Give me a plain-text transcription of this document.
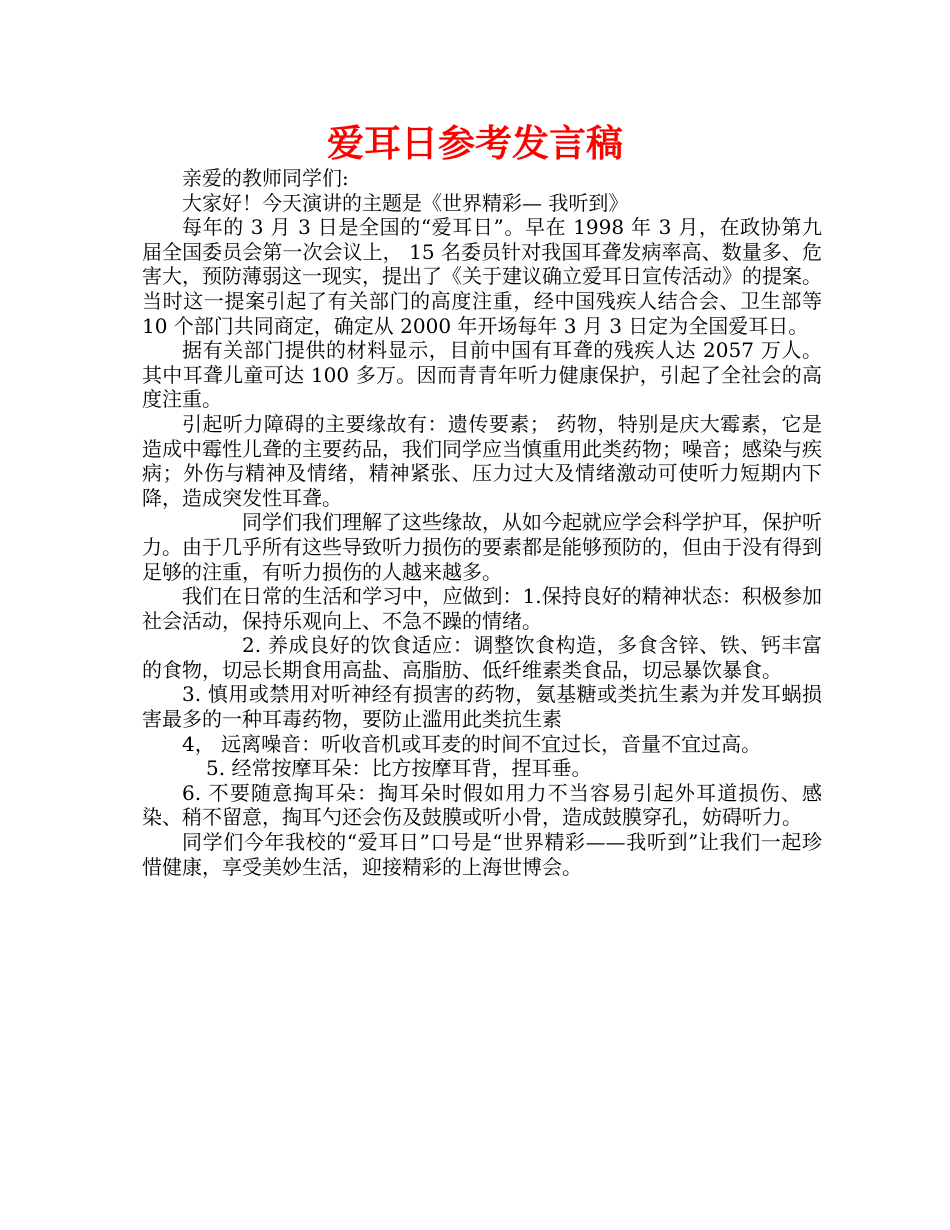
爱耳日参考发言稿

亲爱的教师同学们:

大家好！今天演讲的主题是《世界精彩— 我听到》

每年的 3 月 3 日是全国的“爱耳日”。早在 1998 年 3 月，在政协第九届全国委员会第一次会议上， 15 名委员针对我国耳聋发病率高、数量多、危害大，预防薄弱这一现实，提出了《关于建议确立爱耳日宣传活动》的提案。当时这一提案引起了有关部门的高度注重，经中国残疾人结合会、卫生部等 10 个部门共同商定，确定从 2000 年开场每年 3 月 3 日定为全国爱耳日。

据有关部门提供的材料显示，目前中国有耳聋的残疾人达 2057 万人。其中耳聋儿童可达 100 多万。因而青青年听力健康保护，引起了全社会的高度注重。

引起听力障碍的主要缘故有：遗传要素； 药物，特别是庆大霉素，它是造成中霉性儿聋的主要药品，我们同学应当慎重用此类药物；噪音；感染与疾病；外伤与精神及情绪，精神紧张、压力过大及情绪激动可使听力短期内下降，造成突发性耳聋。

同学们我们理解了这些缘故，从如今起就应学会科学护耳，保护听力。由于几乎所有这些导致听力损伤的要素都是能够预防的，但由于没有得到足够的注重，有听力损伤的人越来越多。

我们在日常的生活和学习中，应做到：1.保持良好的精神状态：积极参加社会活动，保持乐观向上、不急不躁的情绪。

2. 养成良好的饮食适应：调整饮食构造，多食含锌、铁、钙丰富的食物，切忌长期食用高盐、高脂肪、低纤维素类食品，切忌暴饮暴食。

3. 慎用或禁用对听神经有损害的药物，氨基糖或类抗生素为并发耳蜗损害最多的一种耳毒药物，要防止滥用此类抗生素

4， 远离噪音：听收音机或耳麦的时间不宜过长，音量不宜过高。

5. 经常按摩耳朵：比方按摩耳背，捏耳垂。

6. 不要随意掏耳朵：掏耳朵时假如用力不当容易引起外耳道损伤、感染、稍不留意，掏耳勺还会伤及鼓膜或听小骨，造成鼓膜穿孔，妨碍听力。

同学们今年我校的“爱耳日”口号是“世界精彩——我听到”让我们一起珍惜健康，享受美妙生活，迎接精彩的上海世博会。
